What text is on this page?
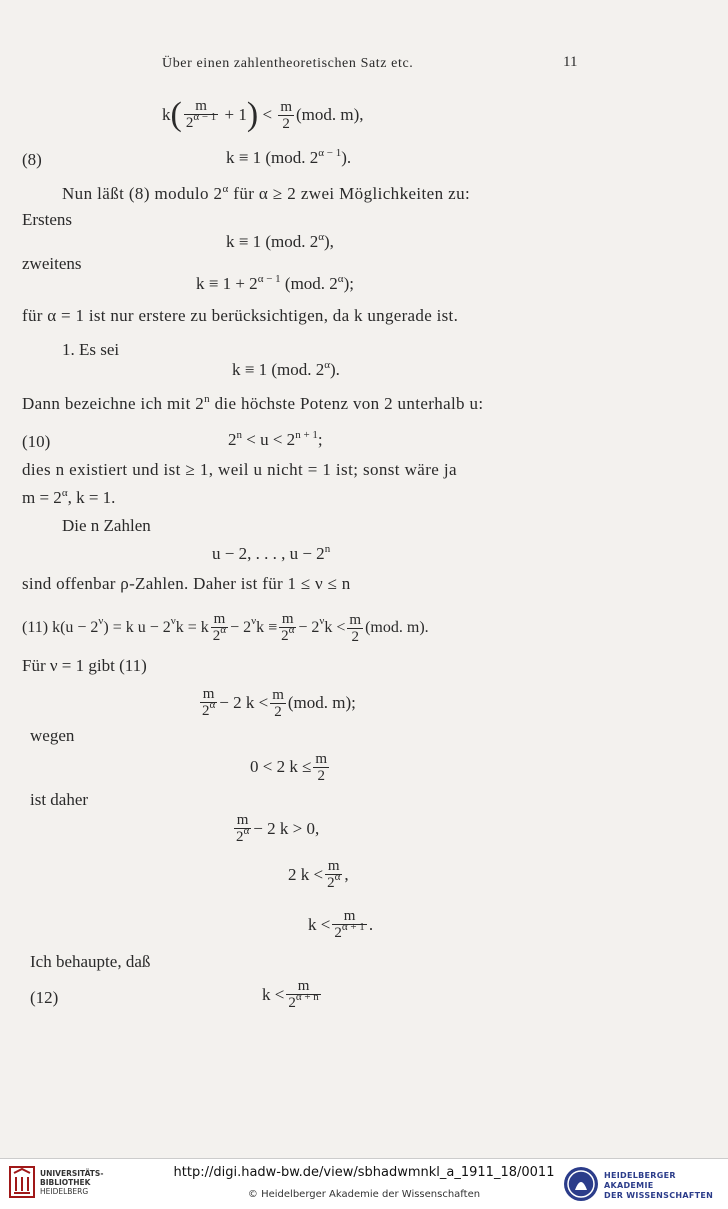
Über einen zahlentheoretischen Satz etc.	11
k ( $\frac{m}{2^{\alpha - 1}} + 1$ ) < $\frac{m}{2} (mod$. m),
(8)	k ≡ 1 (mod. $2^{\alpha - 1}$).
Nun läßt (8) modulo $2^\alpha$ für α ≥ 2 zwei Möglichkeiten zu:
Erstens
k ≡ 1 (mod. $2^\alpha$),
zweitens
$k \equiv 1 + 2^{\alpha - 1}$ (mod. $2^\alpha$);
für α = 1 ist nur erstere zu berücksichtigen, da k ungerade ist.
1. Es sei
k ≡ 1 (mod. $2^\alpha$).
Dann bezeichne ich mit 2$^n$ die höchste Potenz von 2 unterhalb u:
(10)	$2^n < u < 2^{n + 1}$;
dies n existiert und ist ≥ 1, weil u nicht = 1 ist; sonst wäre ja
$m = 2^\alpha$, k = 1.
Die n Zahlen
u − 2, . . . , $u - 2^n$
sind offenbar ρ-Zahlen. Daher ist für 1 ≤ ν ≤ n
(11) k(u − 2 ν ) = k u − 2 ν k = k $\frac{m}{2^\alpha} - 2$ ν $k \equiv \frac{m}{2^\alpha} - 2$ ν $k < \frac{m}{2} (mod$. m).
Für ν = 1 gibt (11)
$\frac{m}{2^\alpha} - 2$ $k < \frac{m}{2} (mod$. m);
wegen
0 < 2 $k \le \frac{m}{2}$
ist daher
$\frac{m}{2^\alpha} - 2$ k > 0,
2 $k < \frac{m}{2^\alpha}$ ,
$k < \frac{m}{2^{\alpha + 1}}$ .
Ich behaupte, daß
(12)	$k < \frac{m}{2^{\alpha + n}}$
UNIVERSITÄTS-
BIBLIOTHEK
HEIDELBERG
http://digi.hadw-bw.de/view/sbhadwmnkl_a_1911_18/0011
© Heidelberger Akademie der Wissenschaften
HEIDELBERGER AKADEMIE
DER WISSENSCHAFTEN
